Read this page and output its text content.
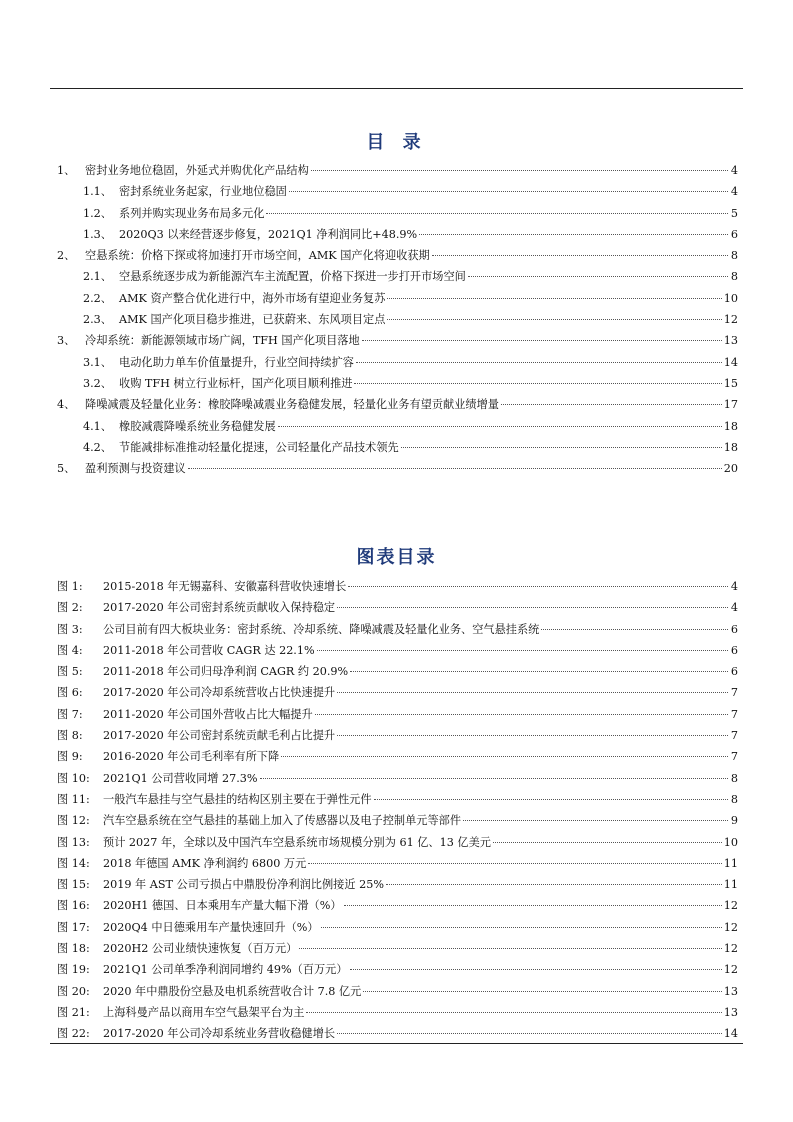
目 录
1、 密封业务地位稳固，外延式并购优化产品结构	4
1.1、 密封系统业务起家，行业地位稳固	4
1.2、 系列并购实现业务布局多元化	5
1.3、 2020Q3 以来经营逐步修复，2021Q1 净利润同比+48.9%	6
2、 空悬系统：价格下探或将加速打开市场空间，AMK 国产化将迎收获期	8
2.1、 空悬系统逐步成为新能源汽车主流配置，价格下探进一步打开市场空间	8
2.2、 AMK 资产整合优化进行中，海外市场有望迎业务复苏	10
2.3、 AMK 国产化项目稳步推进，已获蔚来、东风项目定点	12
3、 冷却系统：新能源领域市场广阔，TFH 国产化项目落地	13
3.1、 电动化助力单车价值量提升，行业空间持续扩容	14
3.2、 收购 TFH 树立行业标杆，国产化项目顺利推进	15
4、 降噪减震及轻量化业务：橡胶降噪减震业务稳健发展，轻量化业务有望贡献业绩增量	17
4.1、 橡胶减震降噪系统业务稳健发展	18
4.2、 节能减排标准推动轻量化提速，公司轻量化产品技术领先	18
5、 盈利预测与投资建议	20
图表目录
图 1:	2015-2018 年无锡嘉科、安徽嘉科营收快速增长	4
图 2:	2017-2020 年公司密封系统贡献收入保持稳定	4
图 3:	公司目前有四大板块业务：密封系统、冷却系统、降噪减震及轻量化业务、空气悬挂系统	6
图 4:	2011-2018 年公司营收 CAGR 达 22.1%	6
图 5:	2011-2018 年公司归母净利润 CAGR 约 20.9%	6
图 6:	2017-2020 年公司冷却系统营收占比快速提升	7
图 7:	2011-2020 年公司国外营收占比大幅提升	7
图 8:	2017-2020 年公司密封系统贡献毛利占比提升	7
图 9:	2016-2020 年公司毛利率有所下降	7
图 10:	2021Q1 公司营收同增 27.3%	8
图 11:	一般汽车悬挂与空气悬挂的结构区别主要在于弹性元件	8
图 12:	汽车空悬系统在空气悬挂的基础上加入了传感器以及电子控制单元等部件	9
图 13:	预计 2027 年，全球以及中国汽车空悬系统市场规模分别为 61 亿、13 亿美元	10
图 14:	2018 年德国 AMK 净利润约 6800 万元	11
图 15:	2019 年 AST 公司亏损占中鼎股份净利润比例接近 25%	11
图 16:	2020H1 德国、日本乘用车产量大幅下滑（%）	12
图 17:	2020Q4 中日德乘用车产量快速回升（%）	12
图 18:	2020H2 公司业绩快速恢复（百万元）	12
图 19:	2021Q1 公司单季净利润同增约 49%（百万元）	12
图 20:	2020 年中鼎股份空悬及电机系统营收合计 7.8 亿元	13
图 21:	上海科曼产品以商用车空气悬架平台为主	13
图 22:	2017-2020 年公司冷却系统业务营收稳健增长	14
